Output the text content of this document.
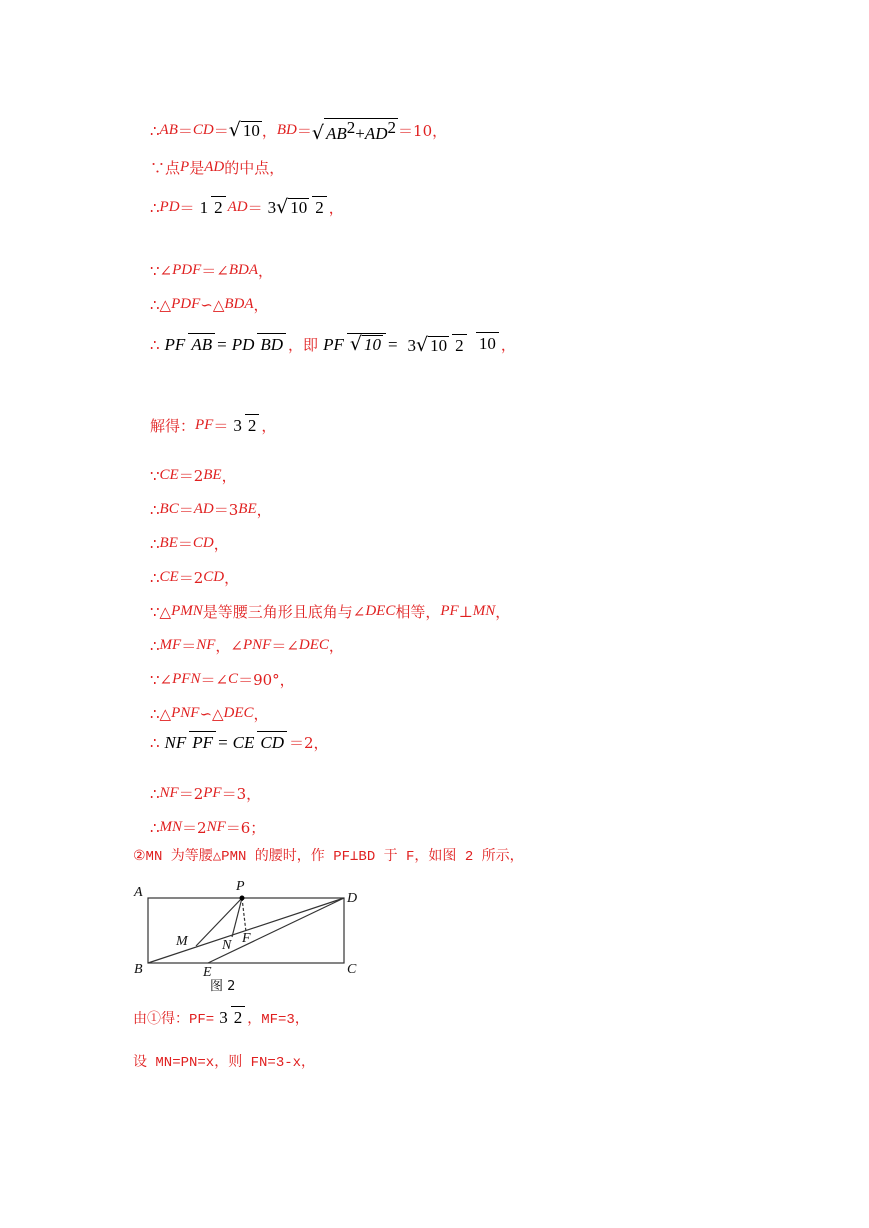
∴ AB ＝ CD ＝ √ 10 ， BD ＝ √ $AB^2+AD^2 =10$，
∵点 P 是 AD 的中点，
∴ PD ＝ 1 2 AD ＝ 3√ 10 2 ，
∵∠ PDF ＝∠ BDA ，
∴△ PDF ∽△ BDA ，
∴ PF AB = PD BD ，即 PF √ 10 = 3√ 10 2 10 ，
解得： PF ＝ 3 2 ，
∵ CE ＝2 BE ，
∴ BC ＝ AD ＝3 BE ，
∴ BE ＝ CD ，
∴ CE ＝2 CD ，
∵△ PMN 是等腰三角形且底角与∠ DEC 相等， PF ⊥ MN ，
∴ MF ＝ NF ，∠ PNF ＝∠ DEC ，
∵∠ PFN ＝∠ C ＝90°，
∴△ PNF ∽△ DEC ，
∴ NF PF = CE CD ＝2，
∴ NF ＝2 PF ＝3，
∴ MN ＝2 NF ＝6；
②MN 为等腰△PMN 的腰时，作 PF⊥BD 于 F，如图 2 所示，
A	P
D
M N F
B	E	C
图 2
由①得：PF= 3 2 ，MF=3，
设 MN=PN=x，则 FN=3-x，
